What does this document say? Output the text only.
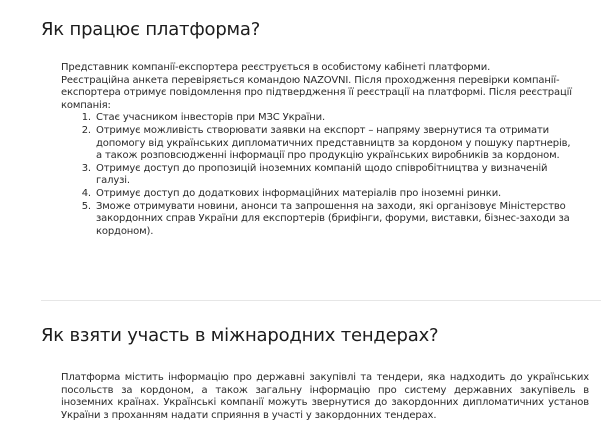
Як працює платформа?

Представник компанії-експортера реєструється в особистому кабінеті платформи.

Реєстраційна анкета перевіряється командою NAZOVNI. Після проходження перевірки компанії-експортера отримує повідомлення про підтвердження її реєстрації на платформі. Після реєстрації компанія:

1. Стає учасником інвесторів при МЗС України.
2. Отримує можливість створювати заявки на експорт – напряму звернутися та отримати допомогу від українських дипломатичних представництв за кордоном у пошуку партнерів, а також розповсюдженні інформації про продукцію українських виробників за кордоном.
3. Отримує доступ до пропозицій іноземних компаній щодо співробітництва у визначеній галузі.
4. Отримує доступ до додаткових інформаційних матеріалів про іноземні ринки.
5. Зможе отримувати новини, анонси та запрошення на заходи, які організовує Міністерство закордонних справ України для експортерів (брифінги, форуми, виставки, бізнес-заходи за кордоном).
Як взяти участь в міжнародних тендерах?

Платформа містить інформацію про державні закупівлі та тендери, яка надходить до українських посольств за кордоном, а також загальну інформацію про систему державних закупівель в іноземних країнах. Українські компанії можуть звернутися до закордонних дипломатичних установ України з проханням надати сприяння в участі у закордонних тендерах.
